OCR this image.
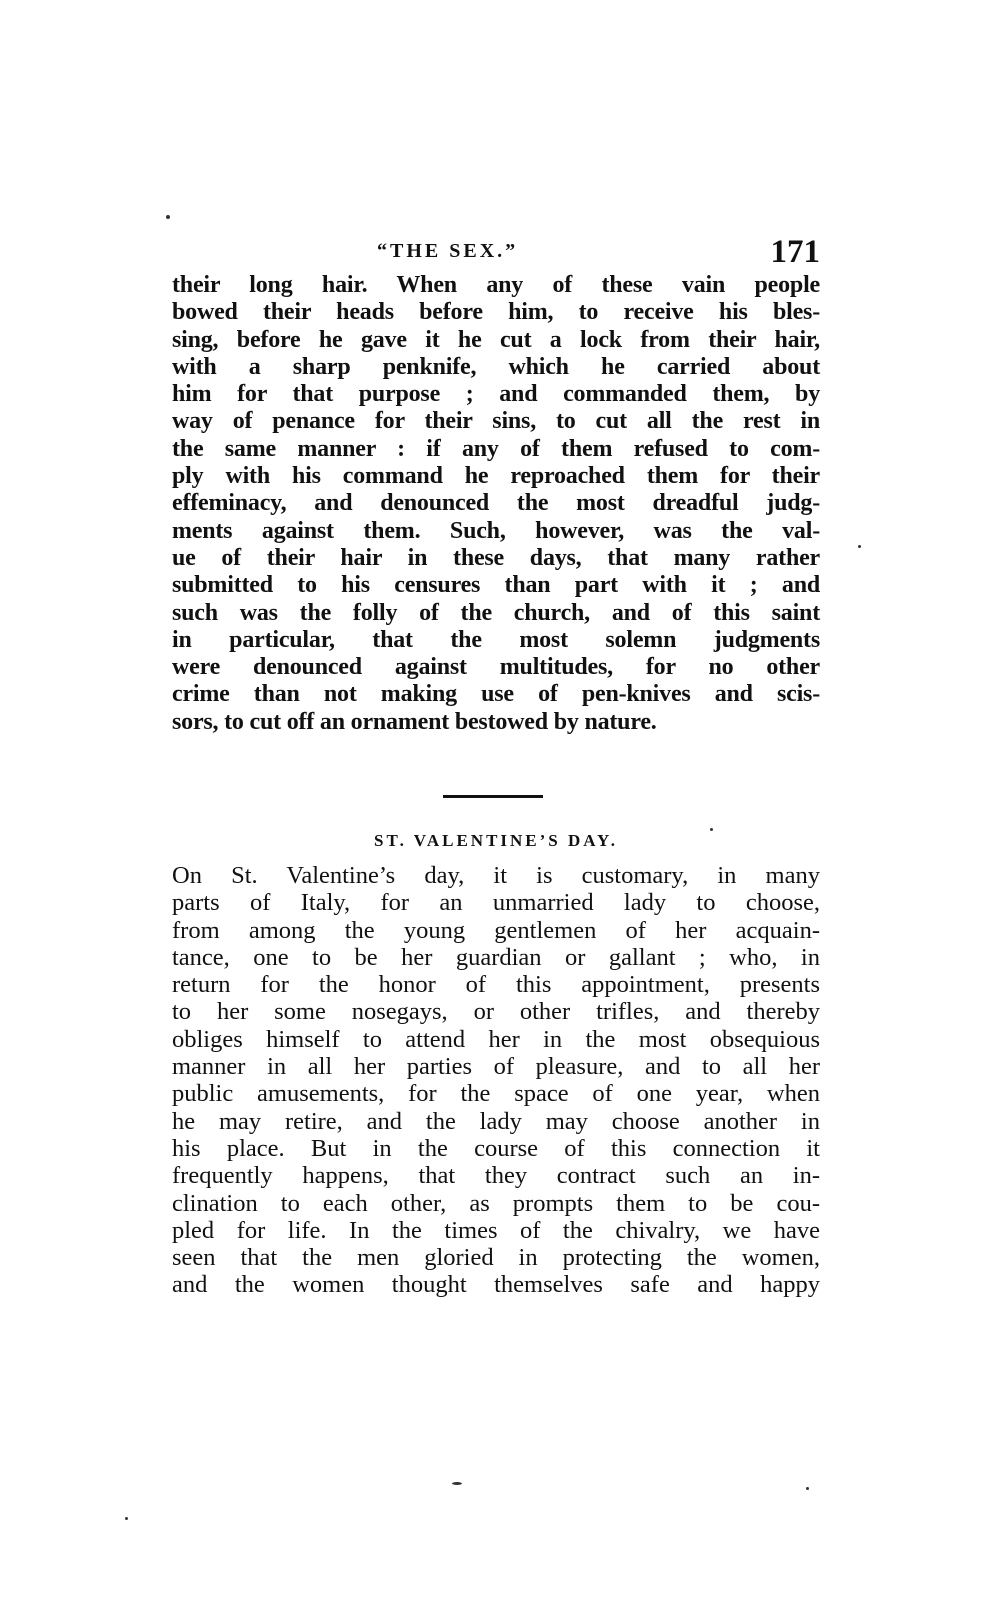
“THE SEX.”	171
their long hair. When any of these vain people
bowed their heads before him, to receive his bles-
sing, before he gave it he cut a lock from their hair,
with a sharp penknife, which he carried about
him for that purpose ; and commanded them, by
way of penance for their sins, to cut all the rest in
the same manner : if any of them refused to com-
ply with his command he reproached them for their
effeminacy, and denounced the most dreadful judg-
ments against them. Such, however, was the val-
ue of their hair in these days, that many rather
submitted to his censures than part with it ; and
such was the folly of the church, and of this saint
in particular, that the most solemn judgments
were denounced against multitudes, for no other
crime than not making use of pen-knives and scis-
sors, to cut off an ornament bestowed by nature.
ST. VALENTINE’S DAY.
On St. Valentine’s day, it is customary, in many
parts of Italy, for an unmarried lady to choose,
from among the young gentlemen of her acquain-
tance, one to be her guardian or gallant ; who, in
return for the honor of this appointment, presents
to her some nosegays, or other trifles, and thereby
obliges himself to attend her in the most obsequious
manner in all her parties of pleasure, and to all her
public amusements, for the space of one year, when
he may retire, and the lady may choose another in
his place. But in the course of this connection it
frequently happens, that they contract such an in-
clination to each other, as prompts them to be cou-
pled for life. In the times of the chivalry, we have
seen that the men gloried in protecting the women,
and the women thought themselves safe and happy
